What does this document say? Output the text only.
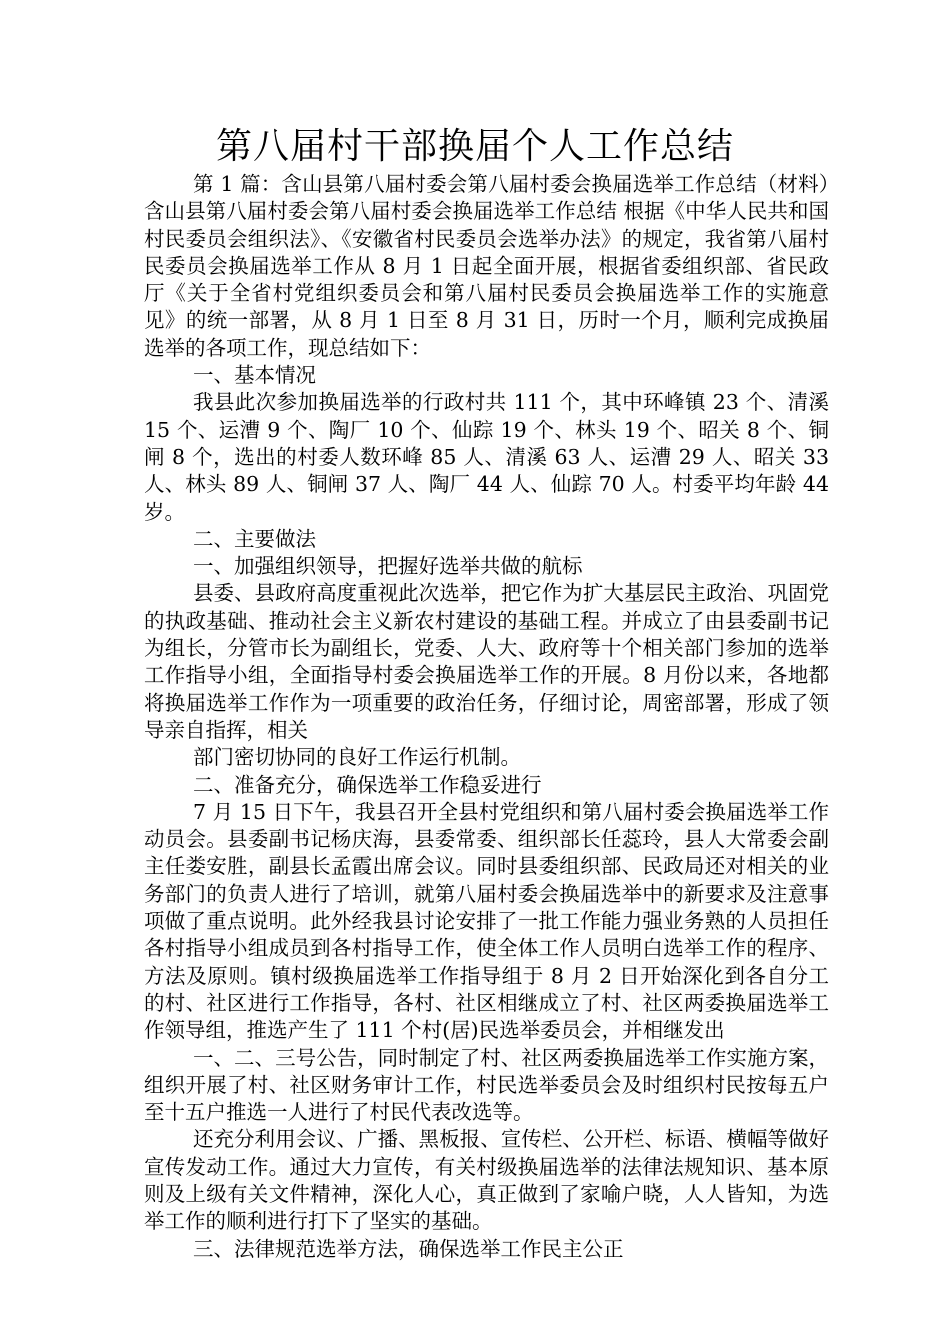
第八届村干部换届个人工作总结

第 1 篇：含山县第八届村委会第八届村委会换届选举工作总结（材料）含山县第八届村委会第八届村委会换届选举工作总结 根据《中华人民共和国村民委员会组织法》、《安徽省村民委员会选举办法》的规定，我省第八届村民委员会换届选举工作从 8 月 1 日起全面开展，根据省委组织部、省民政厅《关于全省村党组织委员会和第八届村民委员会换届选举工作的实施意见》的统一部署，从 8 月 1 日至 8 月 31 日，历时一个月，顺利完成换届选举的各项工作，现总结如下：

一、基本情况

我县此次参加换届选举的行政村共 111 个，其中环峰镇 23 个、清溪 15 个、运漕 9 个、陶厂 10 个、仙踪 19 个、林头 19 个、昭关 8 个、铜闸 8 个，选出的村委人数环峰 85 人、清溪 63 人、运漕 29 人、昭关 33 人、林头 89 人、铜闸 37 人、陶厂 44 人、仙踪 70 人。村委平均年龄 44 岁。

二、主要做法

一、加强组织领导，把握好选举共做的航标

县委、县政府高度重视此次选举，把它作为扩大基层民主政治、巩固党的执政基础、推动社会主义新农村建设的基础工程。并成立了由县委副书记为组长，分管市长为副组长，党委、人大、政府等十个相关部门参加的选举工作指导小组，全面指导村委会换届选举工作的开展。8 月份以来，各地都将换届选举工作作为一项重要的政治任务，仔细讨论，周密部署，形成了领导亲自指挥，相关

部门密切协同的良好工作运行机制。

二、准备充分，确保选举工作稳妥进行

7 月 15 日下午，我县召开全县村党组织和第八届村委会换届选举工作动员会。县委副书记杨庆海，县委常委、组织部长任蕊玲，县人大常委会副主任娄安胜，副县长孟霞出席会议。同时县委组织部、民政局还对相关的业务部门的负责人进行了培训，就第八届村委会换届选举中的新要求及注意事项做了重点说明。此外经我县讨论安排了一批工作能力强业务熟的人员担任各村指导小组成员到各村指导工作，使全体工作人员明白选举工作的程序、方法及原则。镇村级换届选举工作指导组于 8 月 2 日开始深化到各自分工的村、社区进行工作指导，各村、社区相继成立了村、社区两委换届选举工作领导组，推选产生了 111 个村(居)民选举委员会，并相继发出

一、二、三号公告，同时制定了村、社区两委换届选举工作实施方案，组织开展了村、社区财务审计工作，村民选举委员会及时组织村民按每五户至十五户推选一人进行了村民代表改选等。

还充分利用会议、广播、黑板报、宣传栏、公开栏、标语、横幅等做好宣传发动工作。通过大力宣传，有关村级换届选举的法律法规知识、基本原则及上级有关文件精神，深化人心，真正做到了家喻户晓，人人皆知，为选举工作的顺利进行打下了坚实的基础。

三、法律规范选举方法，确保选举工作民主公正
